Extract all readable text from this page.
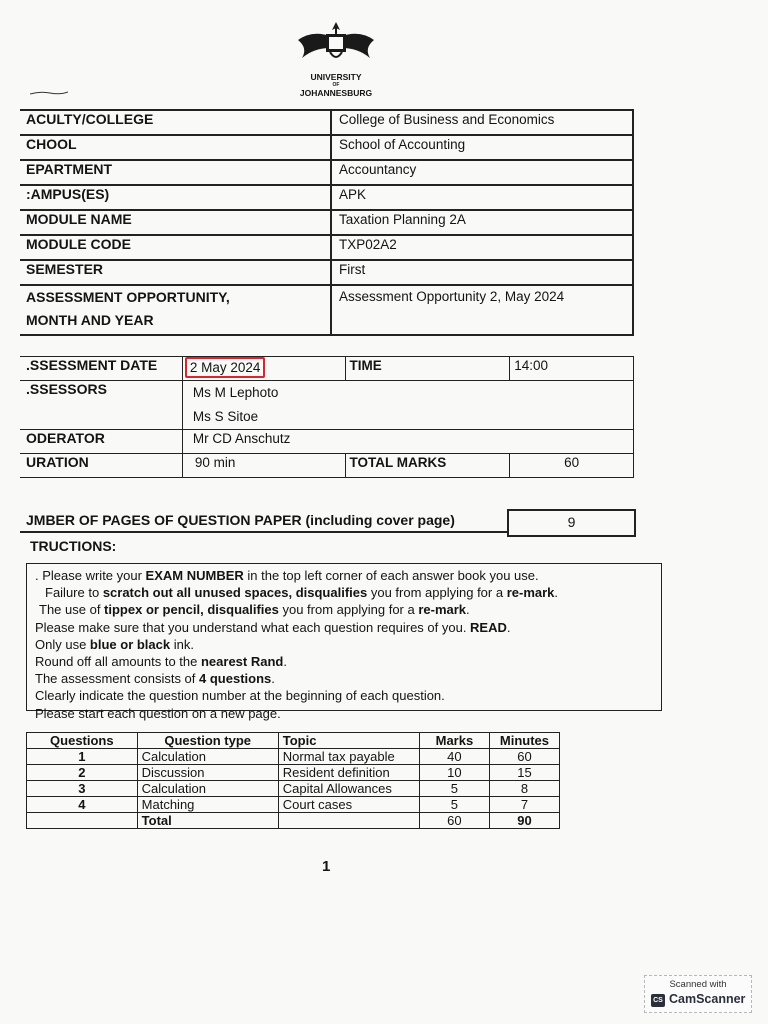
UNIVERSITY

OF
JOHANNESBURG
ACULTY/COLLEGE	College of Business and Economics
CHOOL	School of Accounting
EPARTMENT	Accountancy
:AMPUS(ES)	APK
MODULE NAME	Taxation Planning 2A
MODULE CODE	TXP02A2
SEMESTER	First

ASSESSMENT OPPORTUNITY,
MONTH AND YEAR	Assessment Opportunity 2, May 2024
.SSESSMENT DATE	2 May 2024	TIME	14:00
.SSESSORS	Ms M Lephoto
Ms S Sitoe		

ODERATOR	Mr CD Anschutz		
URATION	90 min	TOTAL MARKS	60
JMBER OF PAGES OF QUESTION PAPER (including cover page)	9
TRUCTIONS:
. Please write your EXAM NUMBER in the top left corner of each answer book you use.
Failure to scratch out all unused spaces, disqualifies you from applying for a re-mark.
The use of tippex or pencil, disqualifies you from applying for a re-mark.
Please make sure that you understand what each question requires of you. READ.
Only use blue or black ink.
Round off all amounts to the nearest Rand.
The assessment consists of 4 questions.
Clearly indicate the question number at the beginning of each question.
Please start each question on a new page.
Questions	Question type	Topic	Marks	Minutes
1	Calculation	Normal tax payable	40	60
2	Discussion	Resident definition	10	15
3	Calculation	Capital Allowances	5	8
4	Matching	Court cases	5	7
	Total		60	90
1
Scanned with
CS CamScanner
